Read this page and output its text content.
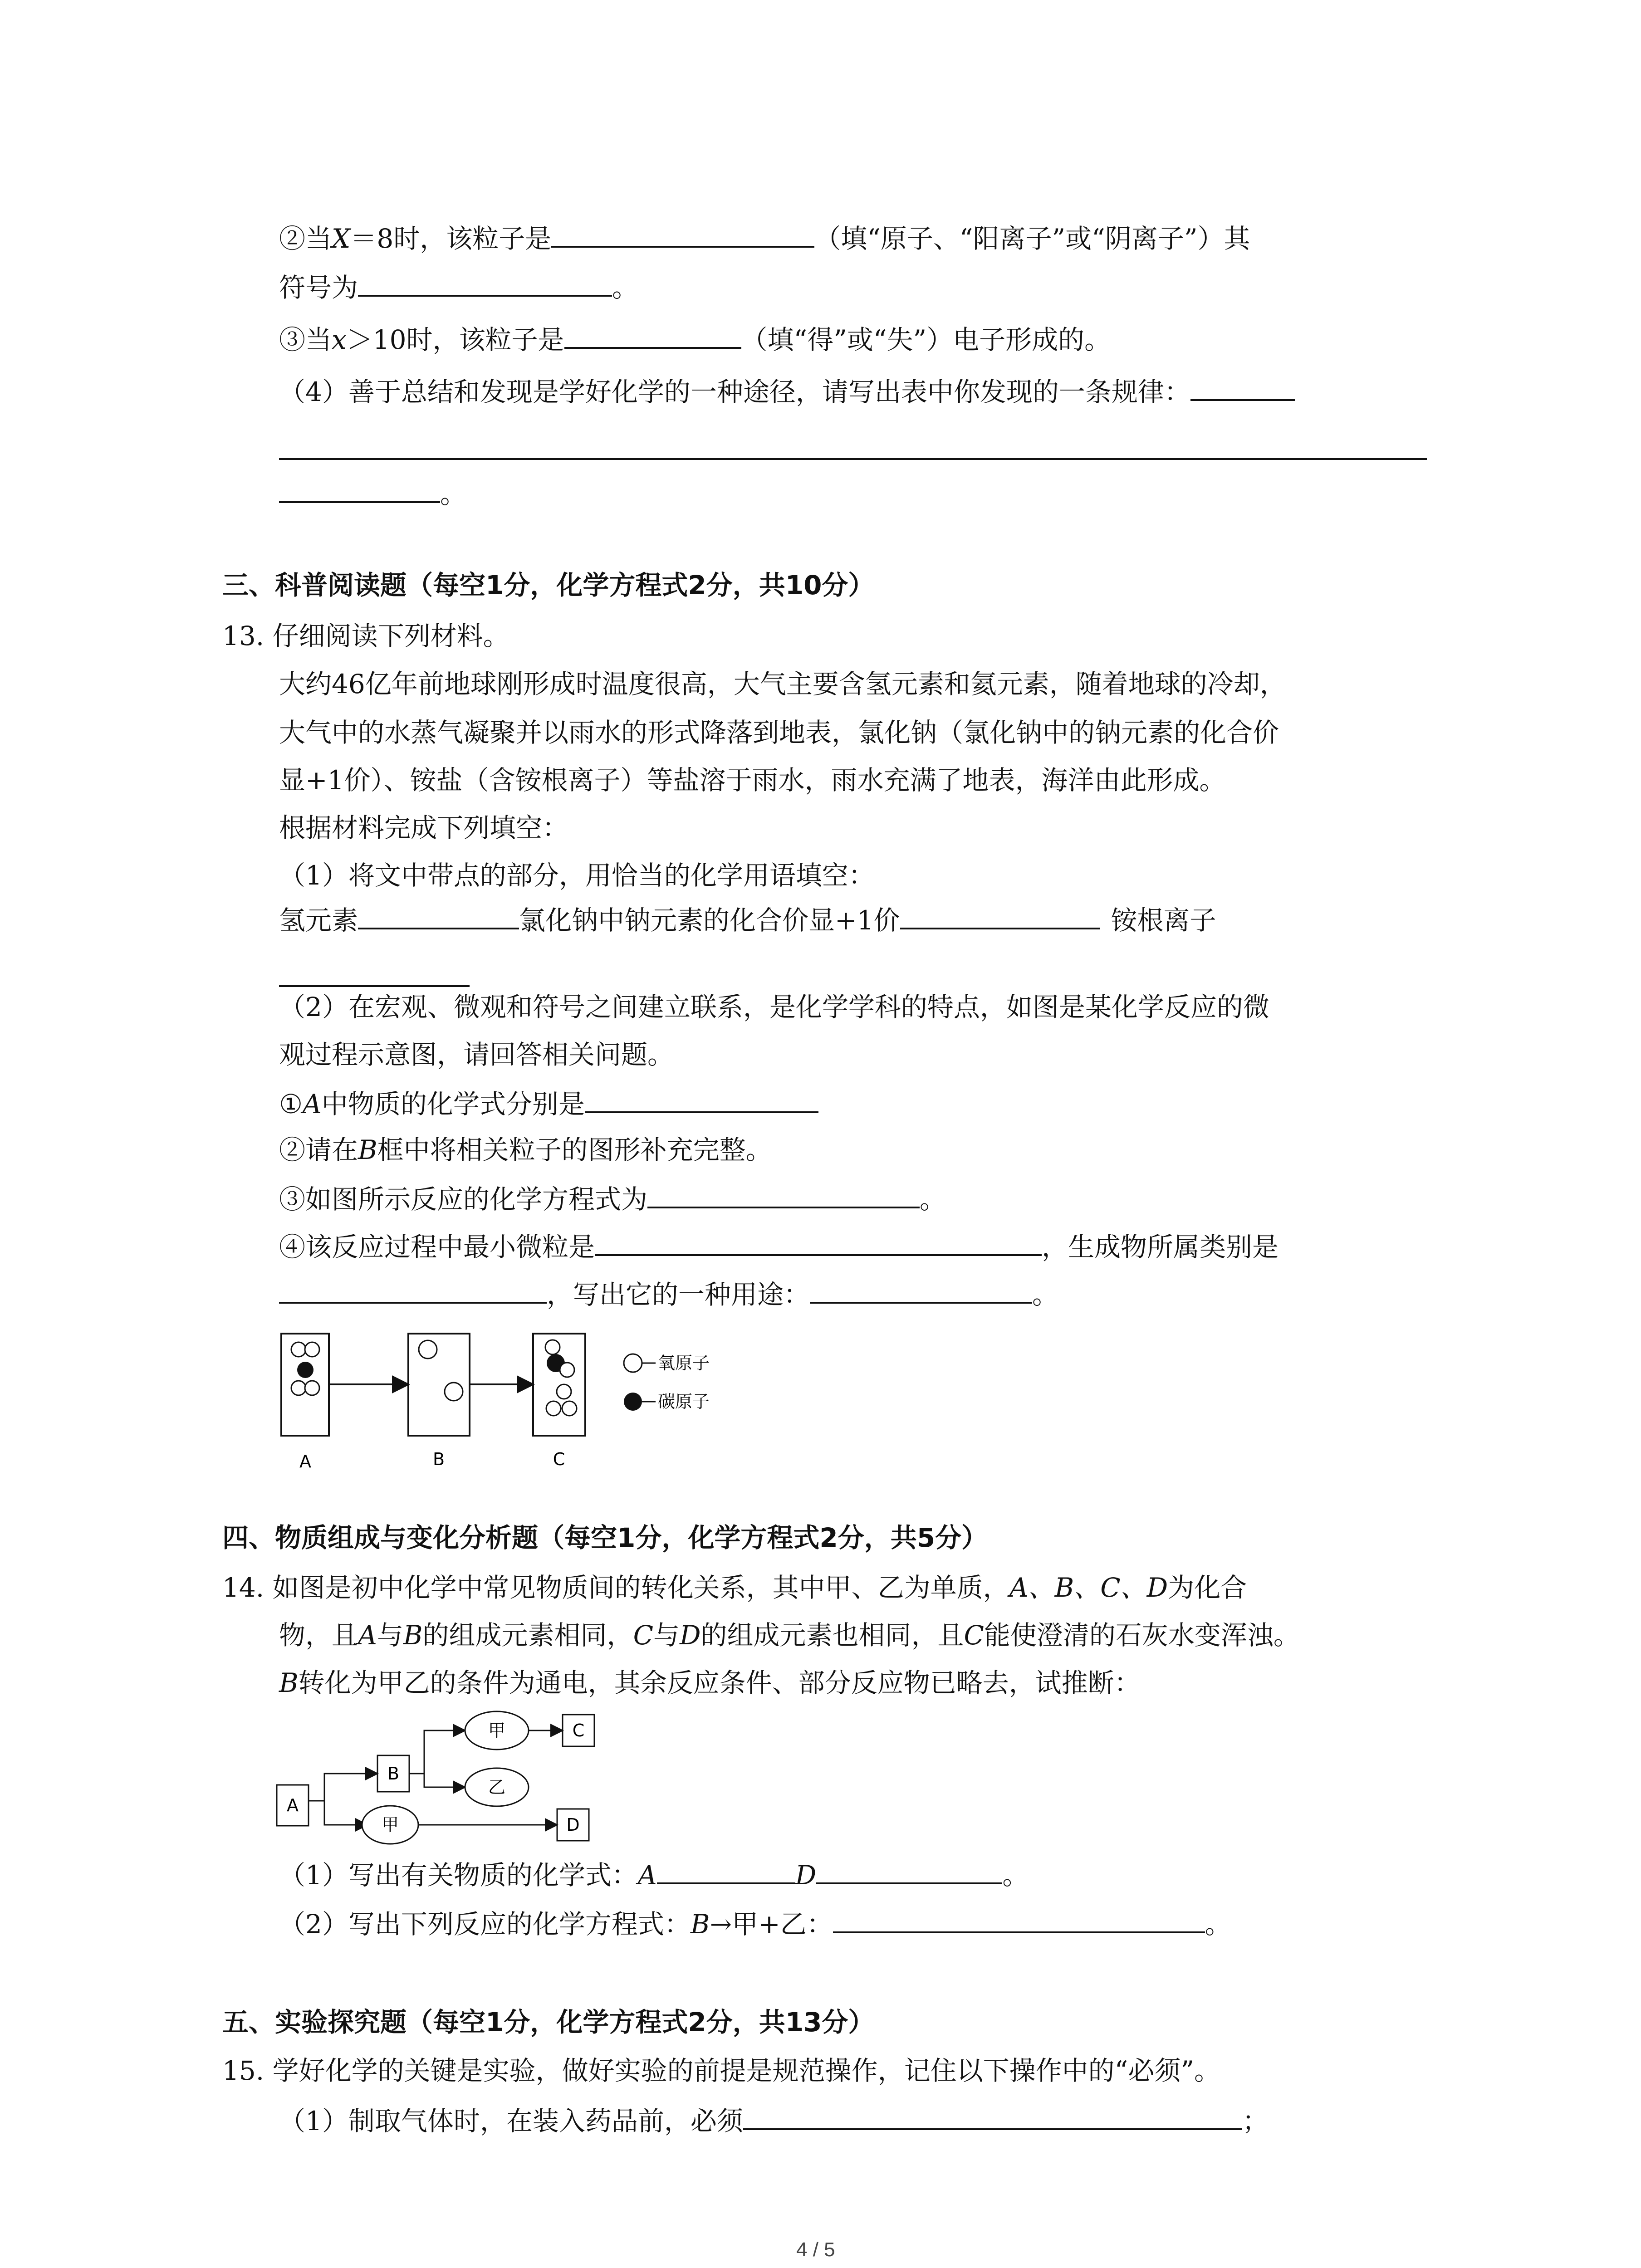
②当X＝8时，该粒子是	（填“原子、“阳离子”或“阴离子”）其
符号为	。
③当x＞10时，该粒子是	（填“得”或“失”）电子形成的。
（4）善于总结和发现是学好化学的一种途径，请写出表中你发现的一条规律：
。
三、科普阅读题（每空1分，化学方程式2分，共10分）
13. 仔细阅读下列材料。
大约46亿年前地球刚形成时温度很高，大气主要含氢元素和氦元素，随着地球的冷却，
大气中的水蒸气凝聚并以雨水的形式降落到地表，氯化钠（氯化钠中的钠元素的化合价
显+1价）、铵盐（含铵根离子）等盐溶于雨水，雨水充满了地表，海洋由此形成。
根据材料完成下列填空：
（1）将文中带点的部分，用恰当的化学用语填空：
氢元素	氯化钠中钠元素的化合价显+1价	铵根离子
（2）在宏观、微观和符号之间建立联系，是化学学科的特点，如图是某化学反应的微
观过程示意图，请回答相关问题。
①A中物质的化学式分别是
②请在B框中将相关粒子的图形补充完整。
③如图所示反应的化学方程式为	。
④该反应过程中最小微粒是	，生成物所属类别是
，写出它的一种用途：	。
A	B	C
氧原子
碳原子
四、物质组成与变化分析题（每空1分，化学方程式2分，共5分）
14. 如图是初中化学中常见物质间的转化关系，其中甲、乙为单质，A、B、C、D为化合
物，且A与B的组成元素相同，C与D的组成元素也相同，且C能使澄清的石灰水变浑浊。
B转化为甲乙的条件为通电，其余反应条件、部分反应物已略去，试推断：
A
B
甲	C
乙
甲	D
（1）写出有关物质的化学式：A	D	。
（2）写出下列反应的化学方程式：B→甲+乙：	。
五、实验探究题（每空1分，化学方程式2分，共13分）
15. 学好化学的关键是实验，做好实验的前提是规范操作，记住以下操作中的“必须”。
（1）制取气体时，在装入药品前，必须	；
4 / 5
